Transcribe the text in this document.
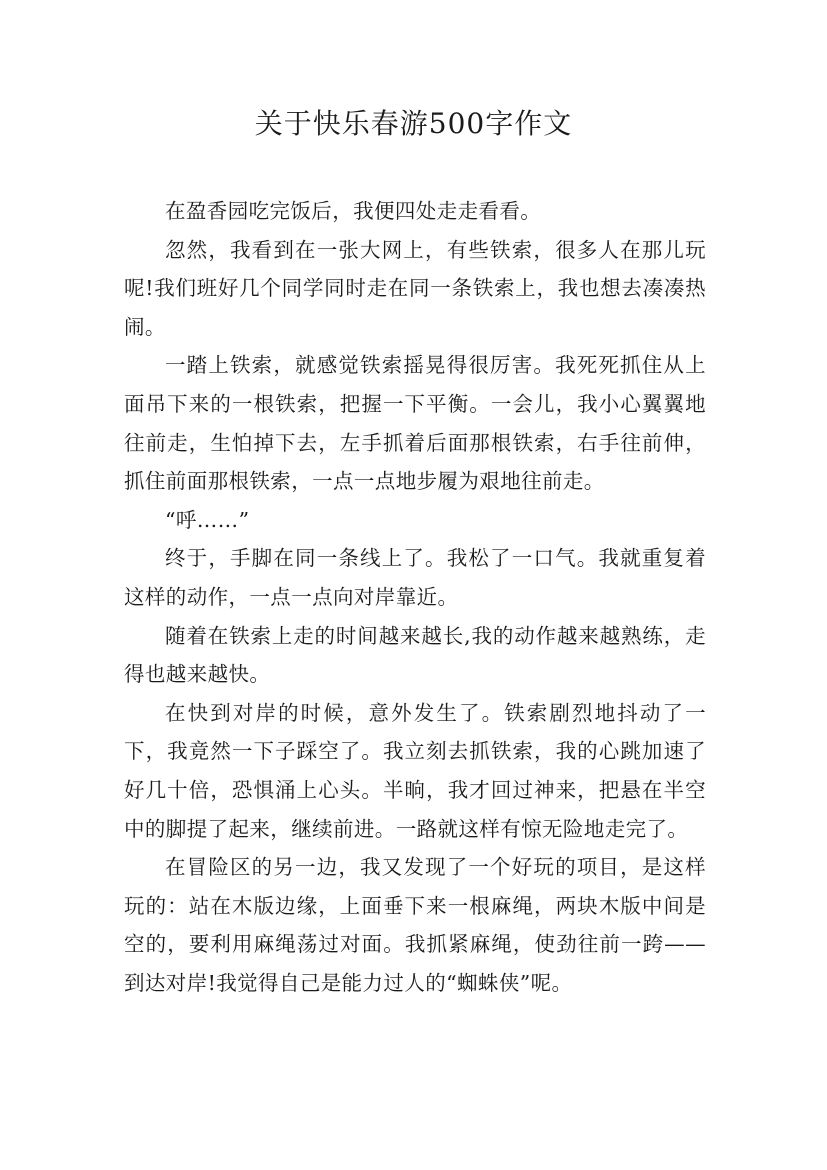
关于快乐春游500字作文

在盈香园吃完饭后，我便四处走走看看。

忽然，我看到在一张大网上，有些铁索，很多人在那儿玩呢!我们班好几个同学同时走在同一条铁索上，我也想去凑凑热闹。

一踏上铁索，就感觉铁索摇晃得很厉害。我死死抓住从上面吊下来的一根铁索，把握一下平衡。一会儿，我小心翼翼地往前走，生怕掉下去，左手抓着后面那根铁索，右手往前伸，抓住前面那根铁索，一点一点地步履为艰地往前走。

“呼……”

终于，手脚在同一条线上了。我松了一口气。我就重复着这样的动作，一点一点向对岸靠近。

随着在铁索上走的时间越来越长,我的动作越来越熟练，走得也越来越快。

在快到对岸的时候，意外发生了。铁索剧烈地抖动了一下，我竟然一下子踩空了。我立刻去抓铁索，我的心跳加速了好几十倍，恐惧涌上心头。半晌，我才回过神来，把悬在半空中的脚提了起来，继续前进。一路就这样有惊无险地走完了。

在冒险区的另一边，我又发现了一个好玩的项目，是这样玩的：站在木版边缘，上面垂下来一根麻绳，两块木版中间是空的，要利用麻绳荡过对面。我抓紧麻绳，使劲往前一跨——到达对岸!我觉得自己是能力过人的“蜘蛛侠”呢。
